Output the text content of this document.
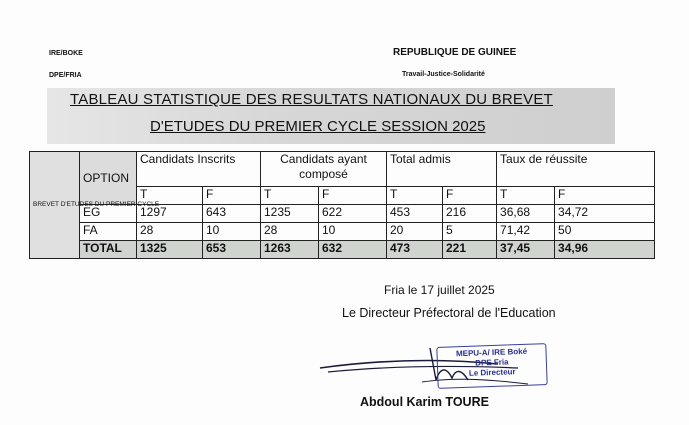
IRE/BOKE
DPE/FRIA
REPUBLIQUE DE GUINEE
Travail-Justice-Solidarité
TABLEAU STATISTIQUE DES RESULTATS NATIONAUX DU BREVET
D'ETUDES DU PREMIER CYCLE SESSION 2025
BREVET D'ETUDES DU PREMIER CYCLE	OPTION	Candidats Inscrits		Candidats ayant composé		Total admis		Taux de réussite	
		T	F	T	F	T	F	T	F
	EG	1297	643	1235	622	453	216	36,68	34,72
	FA	28	10	28	10	20	5	71,42	50
	TOTAL	1325	653	1263	632	473	221	37,45	34,96
Fria le 17 juillet 2025
Le Directeur Préfectoral de l'Education
MEPU-A/ IRE Boké
DPE Fria
Le Directeur
Abdoul Karim TOURE
